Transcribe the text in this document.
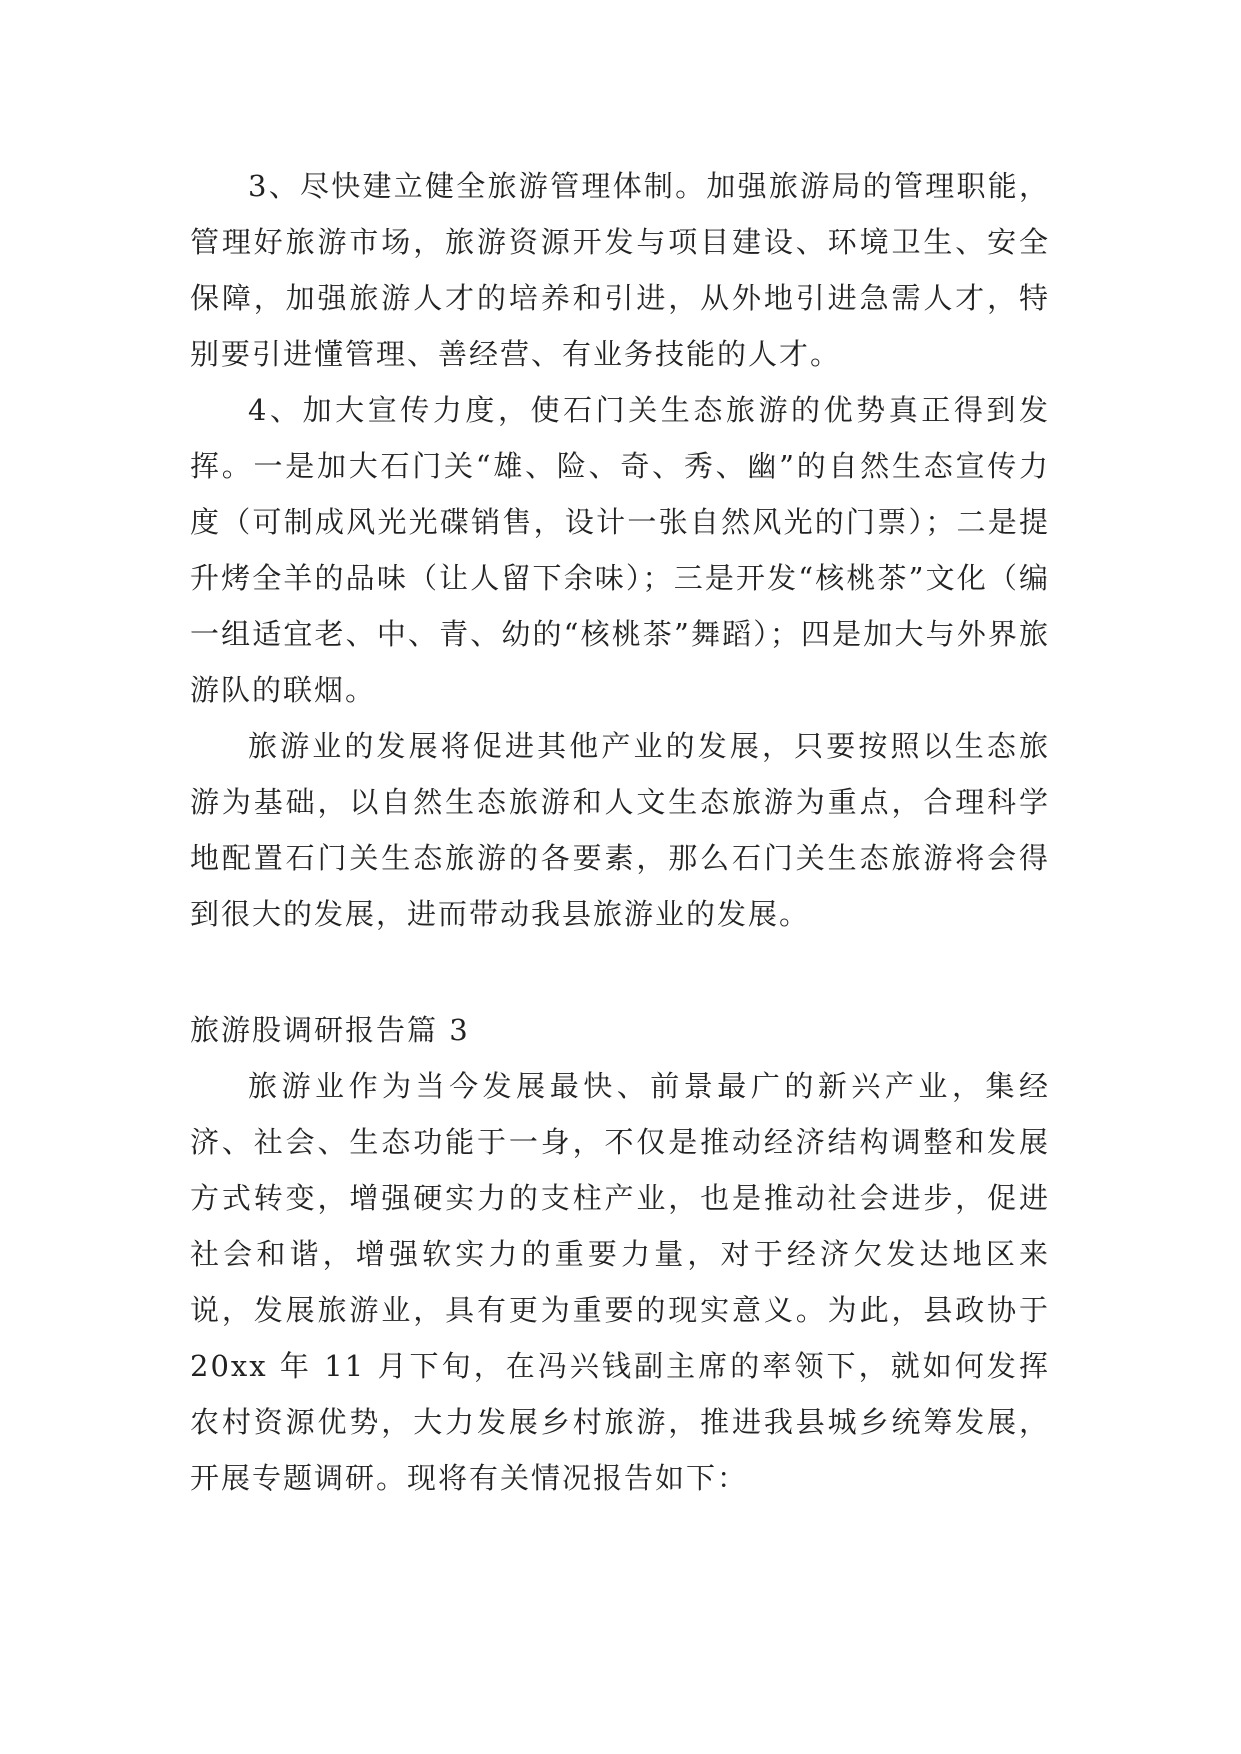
3、尽快建立健全旅游管理体制。加强旅游局的管理职能，管理好旅游市场，旅游资源开发与项目建设、环境卫生、安全保障，加强旅游人才的培养和引进，从外地引进急需人才，特别要引进懂管理、善经营、有业务技能的人才。

4、加大宣传力度，使石门关生态旅游的优势真正得到发挥。一是加大石门关“雄、险、奇、秀、幽”的自然生态宣传力度（可制成风光光碟销售，设计一张自然风光的门票）；二是提升烤全羊的品味（让人留下余味）；三是开发“核桃茶”文化（编一组适宜老、中、青、幼的“核桃茶”舞蹈）；四是加大与外界旅游队的联烟。

旅游业的发展将促进其他产业的发展，只要按照以生态旅游为基础，以自然生态旅游和人文生态旅游为重点，合理科学地配置石门关生态旅游的各要素，那么石门关生态旅游将会得到很大的发展，进而带动我县旅游业的发展。

旅游股调研报告篇 3

旅游业作为当今发展最快、前景最广的新兴产业，集经济、社会、生态功能于一身，不仅是推动经济结构调整和发展方式转变，增强硬实力的支柱产业，也是推动社会进步，促进社会和谐，增强软实力的重要力量，对于经济欠发达地区来说，发展旅游业，具有更为重要的现实意义。为此，县政协于 20xx 年 11 月下旬，在冯兴钱副主席的率领下，就如何发挥农村资源优势，大力发展乡村旅游，推进我县城乡统筹发展，开展专题调研。现将有关情况报告如下：
